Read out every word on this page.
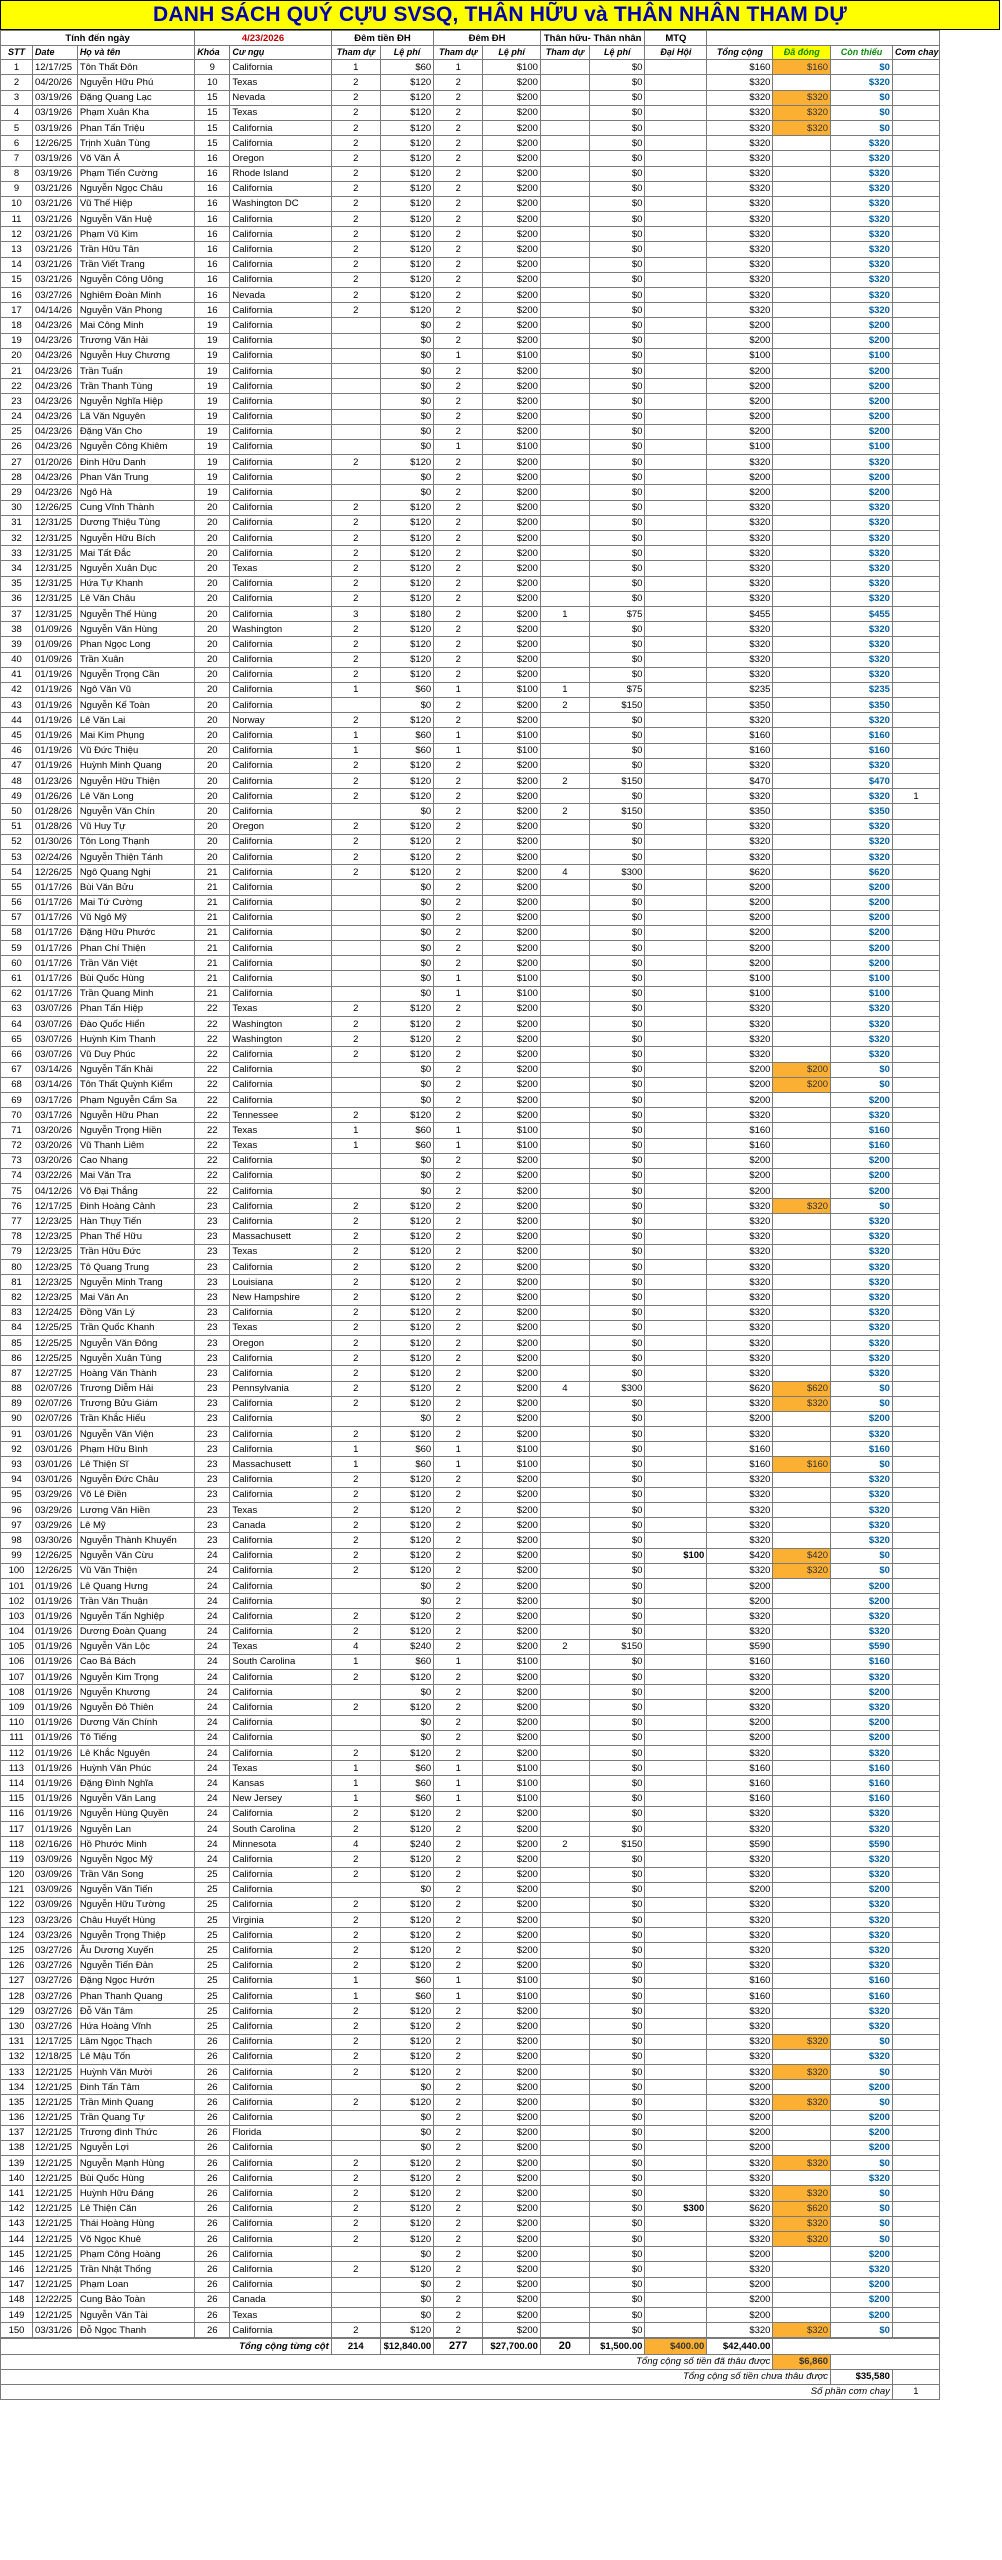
DANH SÁCH QUÝ CỰU SVSQ, THÂN HỮU và THÂN NHÂN THAM DỰ
Tính đến ngày			4/23/2026		Đêm tiền ĐH		Đêm ĐH		Thân hữu- Thân nhân		MTQ				
STT	Date	Họ và tên	Khóa	Cư ngụ	Tham dự	Lệ phí	Tham dự	Lệ phí	Tham dự	Lệ phí	Đại Hội	Tổng cộng	Đã đóng	Còn thiếu	Cơm chay
1	12/17/25	Tôn Thất Đôn	9	California	1	$60	1	$100		$0		$160	$160	$0	
2	04/20/26	Nguyễn Hữu Phú	10	Texas	2	$120	2	$200		$0		$320		$320	
3	03/19/26	Đặng Quang Lạc	15	Nevada	2	$120	2	$200		$0		$320	$320	$0	
4	03/19/26	Phạm Xuân Kha	15	Texas	2	$120	2	$200		$0		$320	$320	$0	
5	03/19/26	Phan Tấn Triệu	15	California	2	$120	2	$200		$0		$320	$320	$0	
6	12/26/25	Trịnh Xuân Tùng	15	California	2	$120	2	$200		$0		$320		$320	
7	03/19/26	Võ Văn Á	16	Oregon	2	$120	2	$200		$0		$320		$320	
8	03/19/26	Phạm Tiến Cường	16	Rhode Island	2	$120	2	$200		$0		$320		$320	
9	03/21/26	Nguyễn Ngọc Châu	16	California	2	$120	2	$200		$0		$320		$320	
10	03/21/26	Vũ Thế Hiệp	16	Washington DC	2	$120	2	$200		$0		$320		$320	
11	03/21/26	Nguyễn Văn Huệ	16	California	2	$120	2	$200		$0		$320		$320	
12	03/21/26	Phạm Vũ Kim	16	California	2	$120	2	$200		$0		$320		$320	
13	03/21/26	Trần Hữu Tân	16	California	2	$120	2	$200		$0		$320		$320	
14	03/21/26	Trần Viết Trang	16	California	2	$120	2	$200		$0		$320		$320	
15	03/21/26	Nguyễn Công Uông	16	California	2	$120	2	$200		$0		$320		$320	
16	03/27/26	Nghiêm Đoàn Minh	16	Nevada	2	$120	2	$200		$0		$320		$320	
17	04/14/26	Nguyễn Văn Phong	16	California	2	$120	2	$200		$0		$320		$320	
18	04/23/26	Mai Công Minh	19	California		$0	2	$200		$0		$200		$200	
19	04/23/26	Trương Văn Hải	19	California		$0	2	$200		$0		$200		$200	
20	04/23/26	Nguyễn Huy Chương	19	California		$0	1	$100		$0		$100		$100	
21	04/23/26	Trần Tuấn	19	California		$0	2	$200		$0		$200		$200	
22	04/23/26	Trần Thanh Tùng	19	California		$0	2	$200		$0		$200		$200	
23	04/23/26	Nguyễn Nghĩa Hiệp	19	California		$0	2	$200		$0		$200		$200	
24	04/23/26	Lã Văn Nguyên	19	California		$0	2	$200		$0		$200		$200	
25	04/23/26	Đặng Văn Cho	19	California		$0	2	$200		$0		$200		$200	
26	04/23/26	Nguyễn Công Khiêm	19	California		$0	1	$100		$0		$100		$100	
27	01/20/26	Đinh Hữu Danh	19	California	2	$120	2	$200		$0		$320		$320	
28	04/23/26	Phan Văn Trung	19	California		$0	2	$200		$0		$200		$200	
29	04/23/26	Ngô Hà	19	California		$0	2	$200		$0		$200		$200	
30	12/26/25	Cung Vĩnh Thành	20	California	2	$120	2	$200		$0		$320		$320	
31	12/31/25	Dương Thiệu Tùng	20	California	2	$120	2	$200		$0		$320		$320	
32	12/31/25	Nguyễn Hữu Bích	20	California	2	$120	2	$200		$0		$320		$320	
33	12/31/25	Mai Tất Đắc	20	California	2	$120	2	$200		$0		$320		$320	
34	12/31/25	Nguyễn Xuân Dục	20	Texas	2	$120	2	$200		$0		$320		$320	
35	12/31/25	Hứa Tự Khanh	20	California	2	$120	2	$200		$0		$320		$320	
36	12/31/25	Lê Văn Châu	20	California	2	$120	2	$200		$0		$320		$320	
37	12/31/25	Nguyễn Thế Hùng	20	California	3	$180	2	$200	1	$75		$455		$455	
38	01/09/26	Nguyễn Văn Hùng	20	Washington	2	$120	2	$200		$0		$320		$320	
39	01/09/26	Phan Ngọc Long	20	California	2	$120	2	$200		$0		$320		$320	
40	01/09/26	Trần Xuân	20	California	2	$120	2	$200		$0		$320		$320	
41	01/19/26	Nguyễn Trọng Cần	20	California	2	$120	2	$200		$0		$320		$320	
42	01/19/26	Ngô Văn Vũ	20	California	1	$60	1	$100	1	$75		$235		$235	
43	01/19/26	Nguyễn Kế Toàn	20	California		$0	2	$200	2	$150		$350		$350	
44	01/19/26	Lê Văn Lai	20	Norway	2	$120	2	$200		$0		$320		$320	
45	01/19/26	Mai Kim Phụng	20	California	1	$60	1	$100		$0		$160		$160	
46	01/19/26	Vũ Đức Thiệu	20	California	1	$60	1	$100		$0		$160		$160	
47	01/19/26	Huỳnh Minh Quang	20	California	2	$120	2	$200		$0		$320		$320	
48	01/23/26	Nguyễn Hữu Thiện	20	California	2	$120	2	$200	2	$150		$470		$470	
49	01/26/26	Lê Văn Long	20	California	2	$120	2	$200		$0		$320		$320	1
50	01/28/26	Nguyễn Văn Chín	20	California		$0	2	$200	2	$150		$350		$350	
51	01/28/26	Vũ Huy Tự	20	Oregon	2	$120	2	$200		$0		$320		$320	
52	01/30/26	Tôn Long Thạnh	20	California	2	$120	2	$200		$0		$320		$320	
53	02/24/26	Nguyễn Thiện Tánh	20	California	2	$120	2	$200		$0		$320		$320	
54	12/26/25	Ngô Quang Nghị	21	California	2	$120	2	$200	4	$300		$620		$620	
55	01/17/26	Bùi Văn Bửu	21	California		$0	2	$200		$0		$200		$200	
56	01/17/26	Mai Tứ Cường	21	California		$0	2	$200		$0		$200		$200	
57	01/17/26	Vũ Ngô Mỹ	21	California		$0	2	$200		$0		$200		$200	
58	01/17/26	Đặng Hữu Phước	21	California		$0	2	$200		$0		$200		$200	
59	01/17/26	Phan Chí Thiện	21	California		$0	2	$200		$0		$200		$200	
60	01/17/26	Trần Văn Việt	21	California		$0	2	$200		$0		$200		$200	
61	01/17/26	Bùi Quốc Hùng	21	California		$0	1	$100		$0		$100		$100	
62	01/17/26	Trần Quang Minh	21	California		$0	1	$100		$0		$100		$100	
63	03/07/26	Phan Tấn Hiệp	22	Texas	2	$120	2	$200		$0		$320		$320	
64	03/07/26	Đào Quốc Hiển	22	Washington	2	$120	2	$200		$0		$320		$320	
65	03/07/26	Huỳnh Kim Thanh	22	Washington	2	$120	2	$200		$0		$320		$320	
66	03/07/26	Vũ Duy Phúc	22	California	2	$120	2	$200		$0		$320		$320	
67	03/14/26	Nguyễn Tấn Khải	22	California		$0	2	$200		$0		$200	$200	$0	
68	03/14/26	Tôn Thất Quỳnh Kiểm	22	California		$0	2	$200		$0		$200	$200	$0	
69	03/17/26	Phạm Nguyễn Cẩm Sa	22	California		$0	2	$200		$0		$200		$200	
70	03/17/26	Nguyễn Hữu Phan	22	Tennessee	2	$120	2	$200		$0		$320		$320	
71	03/20/26	Nguyễn Trọng Hiền	22	Texas	1	$60	1	$100		$0		$160		$160	
72	03/20/26	Vũ Thanh Liêm	22	Texas	1	$60	1	$100		$0		$160		$160	
73	03/20/26	Cao Nhang	22	California		$0	2	$200		$0		$200		$200	
74	03/22/26	Mai Văn Tra	22	California		$0	2	$200		$0		$200		$200	
75	04/12/26	Võ Đại Thắng	22	California		$0	2	$200		$0		$200		$200	
76	12/17/25	Đinh Hoàng Cảnh	23	California	2	$120	2	$200		$0		$320	$320	$0	
77	12/23/25	Hàn Thụy Tiến	23	California	2	$120	2	$200		$0		$320		$320	
78	12/23/25	Phan Thế Hữu	23	Massachusett	2	$120	2	$200		$0		$320		$320	
79	12/23/25	Trần Hữu Đức	23	Texas	2	$120	2	$200		$0		$320		$320	
80	12/23/25	Tô Quang Trung	23	California	2	$120	2	$200		$0		$320		$320	
81	12/23/25	Nguyễn Minh Trang	23	Louisiana	2	$120	2	$200		$0		$320		$320	
82	12/23/25	Mai Văn An	23	New Hampshire	2	$120	2	$200		$0		$320		$320	
83	12/24/25	Đồng Văn Lý	23	California	2	$120	2	$200		$0		$320		$320	
84	12/25/25	Trần Quốc Khanh	23	Texas	2	$120	2	$200		$0		$320		$320	
85	12/25/25	Nguyễn Văn Đông	23	Oregon	2	$120	2	$200		$0		$320		$320	
86	12/25/25	Nguyễn Xuân Tùng	23	California	2	$120	2	$200		$0		$320		$320	
87	12/27/25	Hoàng Văn Thành	23	California	2	$120	2	$200		$0		$320		$320	
88	02/07/26	Trương Diễm Hải	23	Pennsylvania	2	$120	2	$200	4	$300		$620	$620	$0	
89	02/07/26	Trương Bửu Giám	23	California	2	$120	2	$200		$0		$320	$320	$0	
90	02/07/26	Trần Khắc Hiếu	23	California		$0	2	$200		$0		$200		$200	
91	03/01/26	Nguyễn Văn Viện	23	California	2	$120	2	$200		$0		$320		$320	
92	03/01/26	Phạm Hữu Bình	23	California	1	$60	1	$100		$0		$160		$160	
93	03/01/26	Lê Thiện Sĩ	23	Massachusett	1	$60	1	$100		$0		$160	$160	$0	
94	03/01/26	Nguyễn Đức Châu	23	California	2	$120	2	$200		$0		$320		$320	
95	03/29/26	Võ Lê Điền	23	California	2	$120	2	$200		$0		$320		$320	
96	03/29/26	Lương Văn Hiền	23	Texas	2	$120	2	$200		$0		$320		$320	
97	03/29/26	Lê Mỹ	23	Canada	2	$120	2	$200		$0		$320		$320	
98	03/30/26	Nguyễn Thành Khuyến	23	California	2	$120	2	$200		$0		$320		$320	
99	12/26/25	Nguyễn Văn Cừu	24	California	2	$120	2	$200		$0	$100	$420	$420	$0	
100	12/26/25	Vũ Văn Thiện	24	California	2	$120	2	$200		$0		$320	$320	$0	
101	01/19/26	Lê Quang Hưng	24	California		$0	2	$200		$0		$200		$200	
102	01/19/26	Trần Văn Thuận	24	California		$0	2	$200		$0		$200		$200	
103	01/19/26	Nguyễn Tấn Nghiệp	24	California	2	$120	2	$200		$0		$320		$320	
104	01/19/26	Dương Đoàn Quang	24	California	2	$120	2	$200		$0		$320		$320	
105	01/19/26	Nguyễn Văn Lộc	24	Texas	4	$240	2	$200	2	$150		$590		$590	
106	01/19/26	Cao Bá Bách	24	South Carolina	1	$60	1	$100		$0		$160		$160	
107	01/19/26	Nguyễn Kim Trọng	24	California	2	$120	2	$200		$0		$320		$320	
108	01/19/26	Nguyễn Khương	24	California		$0	2	$200		$0		$200		$200	
109	01/19/26	Nguyễn Đô Thiên	24	California	2	$120	2	$200		$0		$320		$320	
110	01/19/26	Dương Văn Chính	24	California		$0	2	$200		$0		$200		$200	
111	01/19/26	Tô Tiếng	24	California		$0	2	$200		$0		$200		$200	
112	01/19/26	Lê Khắc Nguyên	24	California	2	$120	2	$200		$0		$320		$320	
113	01/19/26	Huỳnh Văn Phúc	24	Texas	1	$60	1	$100		$0		$160		$160	
114	01/19/26	Đặng Đình Nghĩa	24	Kansas	1	$60	1	$100		$0		$160		$160	
115	01/19/26	Nguyễn Văn Lang	24	New Jersey	1	$60	1	$100		$0		$160		$160	
116	01/19/26	Nguyễn Hùng Quyền	24	California	2	$120	2	$200		$0		$320		$320	
117	01/19/26	Nguyễn Lan	24	South Carolina	2	$120	2	$200		$0		$320		$320	
118	02/16/26	Hồ Phước Minh	24	Minnesota	4	$240	2	$200	2	$150		$590		$590	
119	03/09/26	Nguyễn Ngọc Mỹ	24	California	2	$120	2	$200		$0		$320		$320	
120	03/09/26	Trần Văn Song	25	California	2	$120	2	$200		$0		$320		$320	
121	03/09/26	Nguyễn Văn Tiến	25	California		$0	2	$200		$0		$200		$200	
122	03/09/26	Nguyễn Hữu Tường	25	California	2	$120	2	$200		$0		$320		$320	
123	03/23/26	Châu Huyết Hùng	25	Virginia	2	$120	2	$200		$0		$320		$320	
124	03/23/26	Nguyễn Trọng Thiệp	25	California	2	$120	2	$200		$0		$320		$320	
125	03/27/26	Âu Dương Xuyến	25	California	2	$120	2	$200		$0		$320		$320	
126	03/27/26	Nguyễn Tiến Đản	25	California	2	$120	2	$200		$0		$320		$320	
127	03/27/26	Đặng Ngọc Hướn	25	California	1	$60	1	$100		$0		$160		$160	
128	03/27/26	Phan Thanh Quang	25	California	1	$60	1	$100		$0		$160		$160	
129	03/27/26	Đỗ Văn Tâm	25	California	2	$120	2	$200		$0		$320		$320	
130	03/27/26	Hứa Hoàng Vĩnh	25	California	2	$120	2	$200		$0		$320		$320	
131	12/17/25	Lâm Ngọc Thạch	26	California	2	$120	2	$200		$0		$320	$320	$0	
132	12/18/25	Lê Mậu Tốn	26	California	2	$120	2	$200		$0		$320		$320	
133	12/21/25	Huỳnh Văn Mười	26	California	2	$120	2	$200		$0		$320	$320	$0	
134	12/21/25	Đinh Tấn Tâm	26	California		$0	2	$200		$0		$200		$200	
135	12/21/25	Trần Minh Quang	26	California	2	$120	2	$200		$0		$320	$320	$0	
136	12/21/25	Trần Quang Tự	26	California		$0	2	$200		$0		$200		$200	
137	12/21/25	Trương đình Thức	26	Florida		$0	2	$200		$0		$200		$200	
138	12/21/25	Nguyễn Lợi	26	California		$0	2	$200		$0		$200		$200	
139	12/21/25	Nguyễn Mạnh Hùng	26	California	2	$120	2	$200		$0		$320	$320	$0	
140	12/21/25	Bùi Quốc Hùng	26	California	2	$120	2	$200		$0		$320		$320	
141	12/21/25	Huỳnh Hữu Đáng	26	California	2	$120	2	$200		$0		$320	$320	$0	
142	12/21/25	Lê Thiện Căn	26	California	2	$120	2	$200		$0	$300	$620	$620	$0	
143	12/21/25	Thái Hoàng Hùng	26	California	2	$120	2	$200		$0		$320	$320	$0	
144	12/21/25	Võ Ngọc Khuê	26	California	2	$120	2	$200		$0		$320	$320	$0	
145	12/21/25	Phạm Công Hoàng	26	California		$0	2	$200		$0		$200		$200	
146	12/21/25	Trần Nhật Thống	26	California	2	$120	2	$200		$0		$320		$320	
147	12/21/25	Phạm Loan	26	California		$0	2	$200		$0		$200		$200	
148	12/22/25	Cung Bảo Toàn	26	Canada		$0	2	$200		$0		$200		$200	
149	12/21/25	Nguyễn Văn Tài	26	Texas		$0	2	$200		$0		$200		$200	
150	03/31/26	Đỗ Ngọc Thanh	26	California	2	$120	2	$200		$0		$320	$320	$0	
Tổng cộng từng cột	214	$12,840.00	277	$27,700.00	20	$1,500.00	$400.00	$42,440.00			
Tổng cộng số tiền đã thâu được									$6,860		
Tổng cộng số tiền chưa thâu được										$35,580	
Số phần cơm chay											1
